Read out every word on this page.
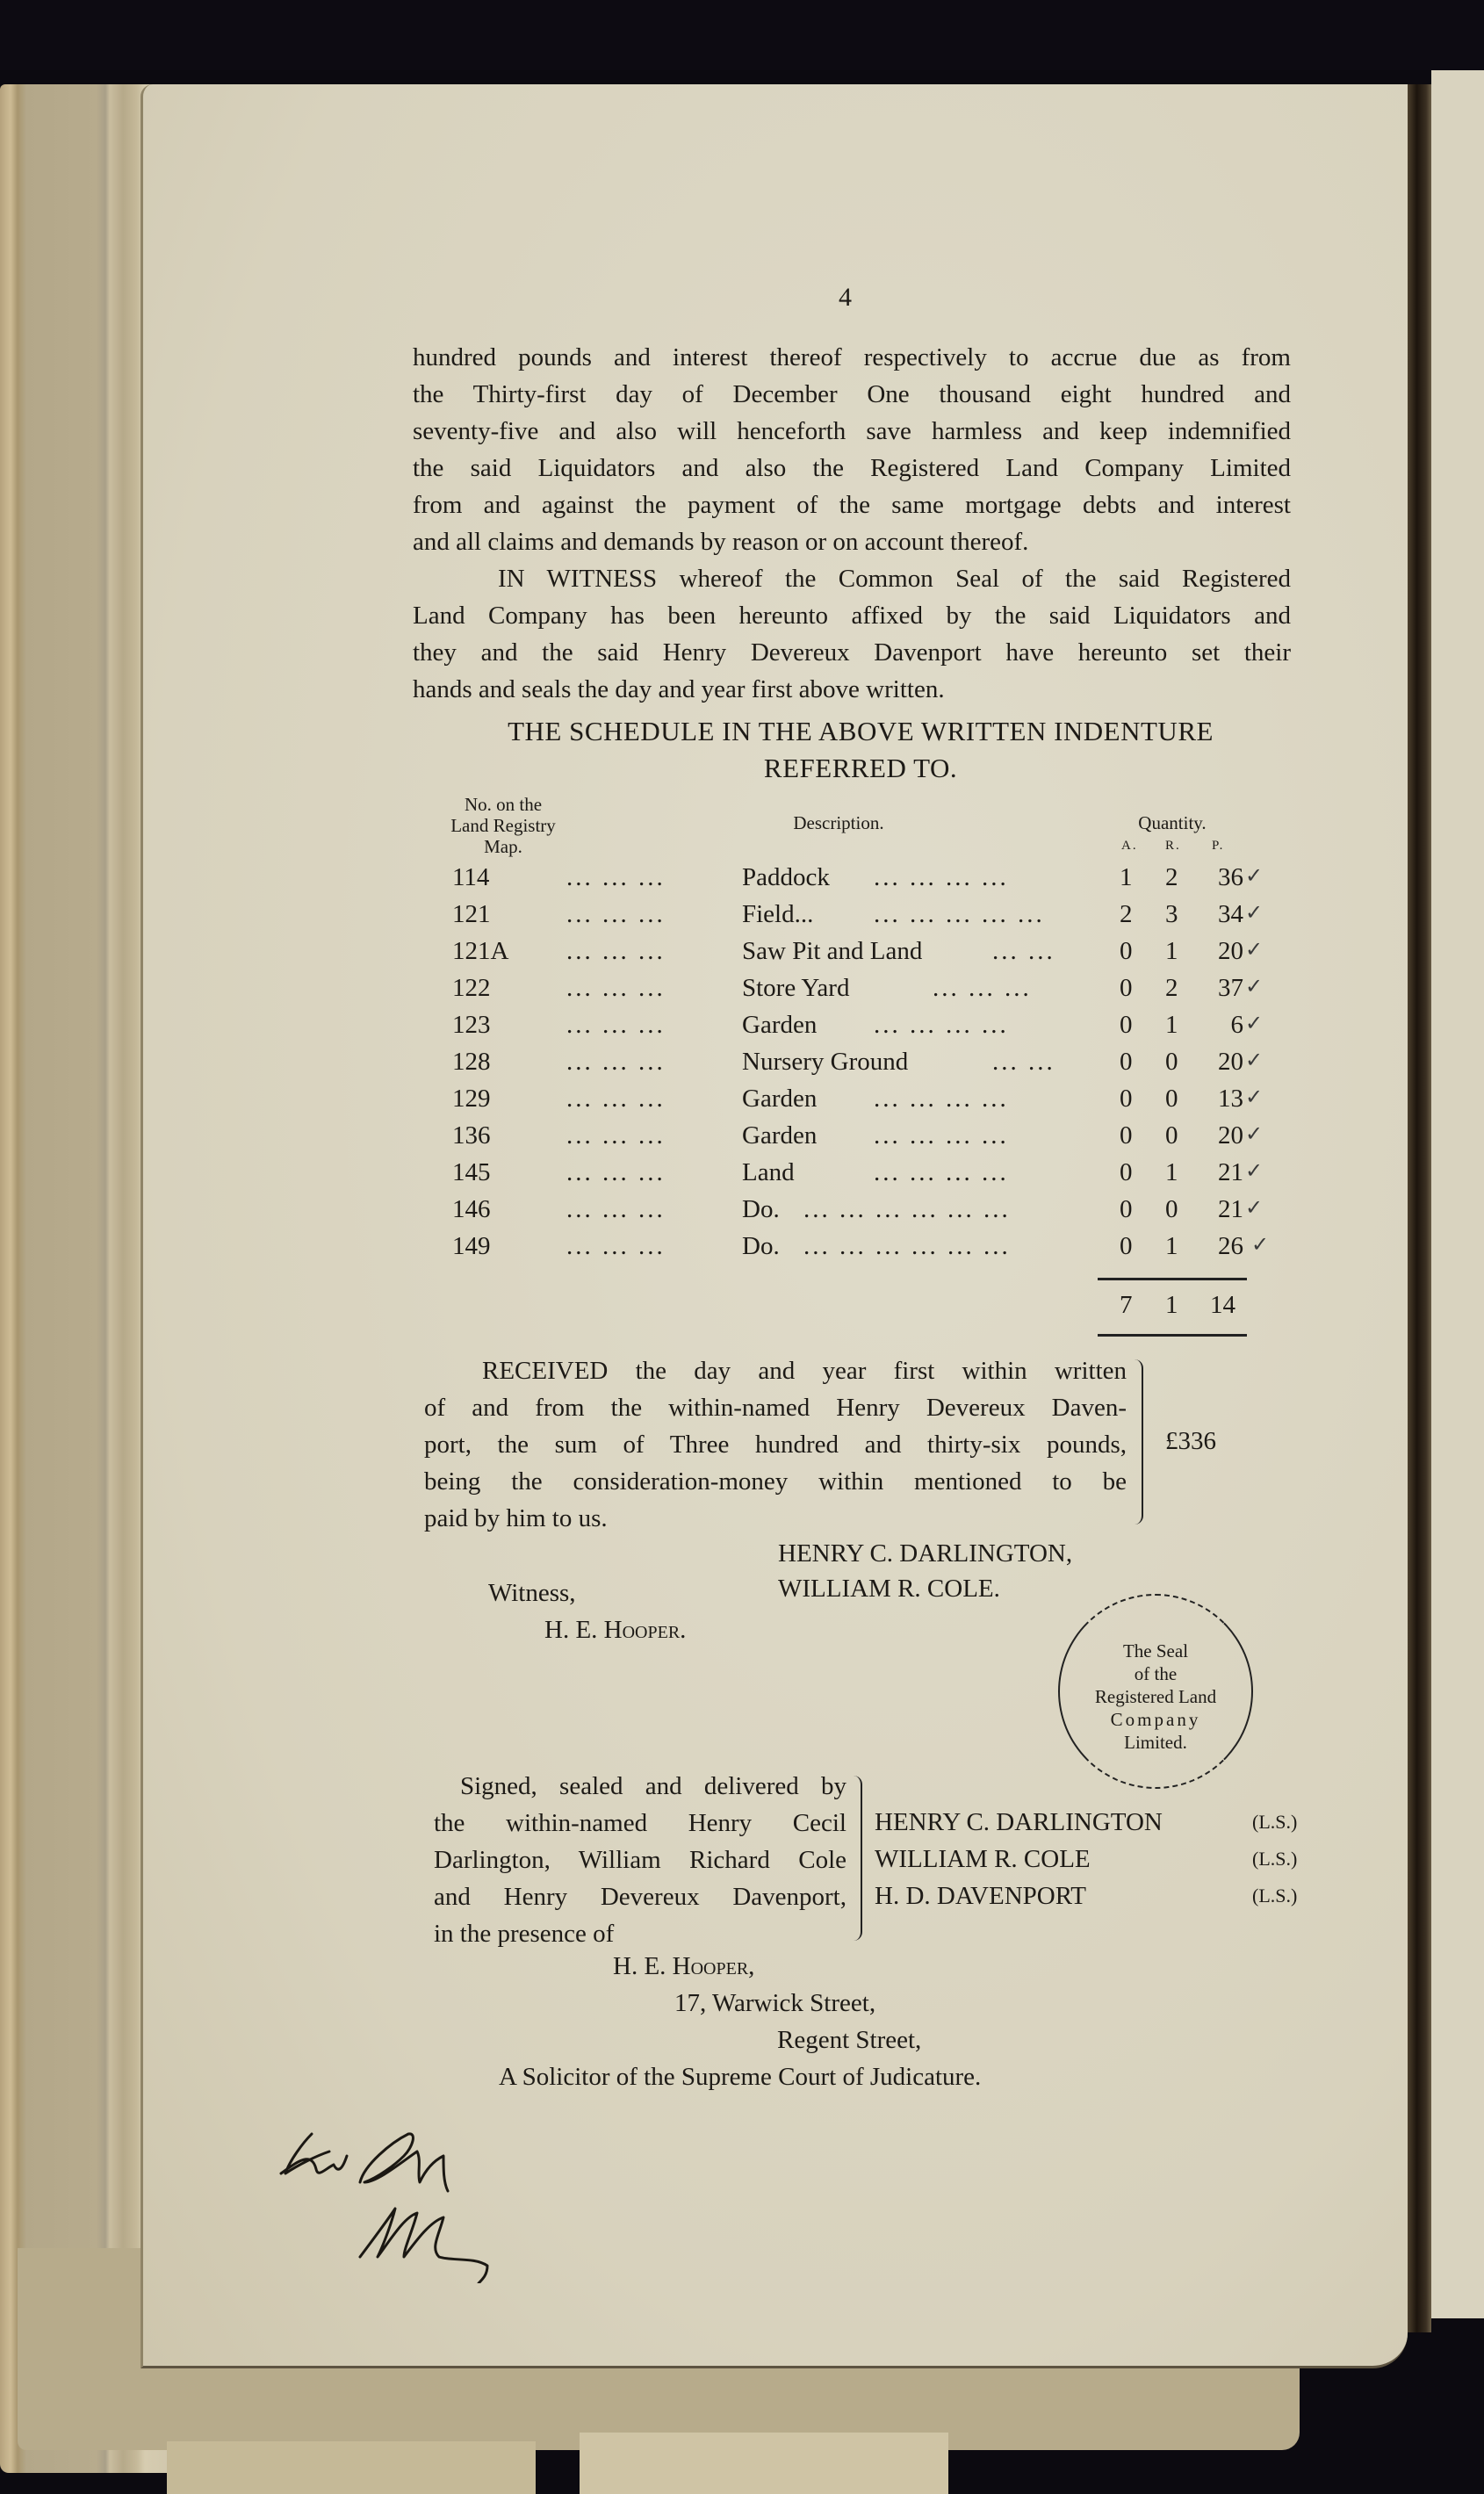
4
hundred pounds and interest thereof respectively to accrue due as from
the Thirty-first day of December One thousand eight hundred and
seventy-five and also will henceforth save harmless and keep indemnified
the said Liquidators and also the Registered Land Company Limited
from and against the payment of the same mortgage debts and interest
and all claims and demands by reason or on account thereof.
IN WITNESS whereof the Common Seal of the said Registered
Land Company has been hereunto affixed by the said Liquidators and
they and the said Henry Devereux Davenport have hereunto set their
hands and seals the day and year first above written.
THE SCHEDULE IN THE ABOVE WRITTEN INDENTURE
REFERRED TO.
No. on the
Land Registry
Map.
Description.	Quantity.
A. R. P.
114	... ... ...	Paddock ... ... ... ...	1 2	36 ✓
121	... ... ...	Field... ... ... ... ... ...	2 3	34 ✓
121A ... ... ...	Saw Pit and Land	... ...	0 1	20 ✓
122	... ... ...	Store Yard	... ... ...	0 2	37 ✓
123	... ... ...	Garden ... ... ... ...	0 1	6 ✓
128	... ... ...	Nursery Ground	... ...	0 0	20 ✓
129	... ... ...	Garden ... ... ... ...	0 0	13 ✓
136	... ... ...	Garden ... ... ... ...	0 0	20 ✓
145	... ... ...	Land	... ... ... ...	0 1	21 ✓
146	... ... ...	Do. ... ... ... ... ... ...	0 0	21 ✓
149	... ... ...	Do. ... ... ... ... ... ...	0 1	26 ✓
7 1 14
RECEIVED the day and year first within written
of and from the within-named Henry Devereux Daven-
port, the sum of Three hundred and thirty-six pounds,
being the consideration-money within mentioned to be
paid by him to us.
£336
HENRY C. DARLINGTON,
WILLIAM R. COLE.
Witness,
H. E. Hooper.
The Seal
of the
Registered Land
Company
Limited.
Signed, sealed and delivered by
the within-named Henry Cecil
Darlington, William Richard Cole
and Henry Devereux Davenport,
in the presence of
HENRY C. DARLINGTON	(L.S.)
WILLIAM R. COLE	(L.S.)
H. D. DAVENPORT	(L.S.)
H. E. Hooper,
17, Warwick Street,
Regent Street,
A Solicitor of the Supreme Court of Judicature.
